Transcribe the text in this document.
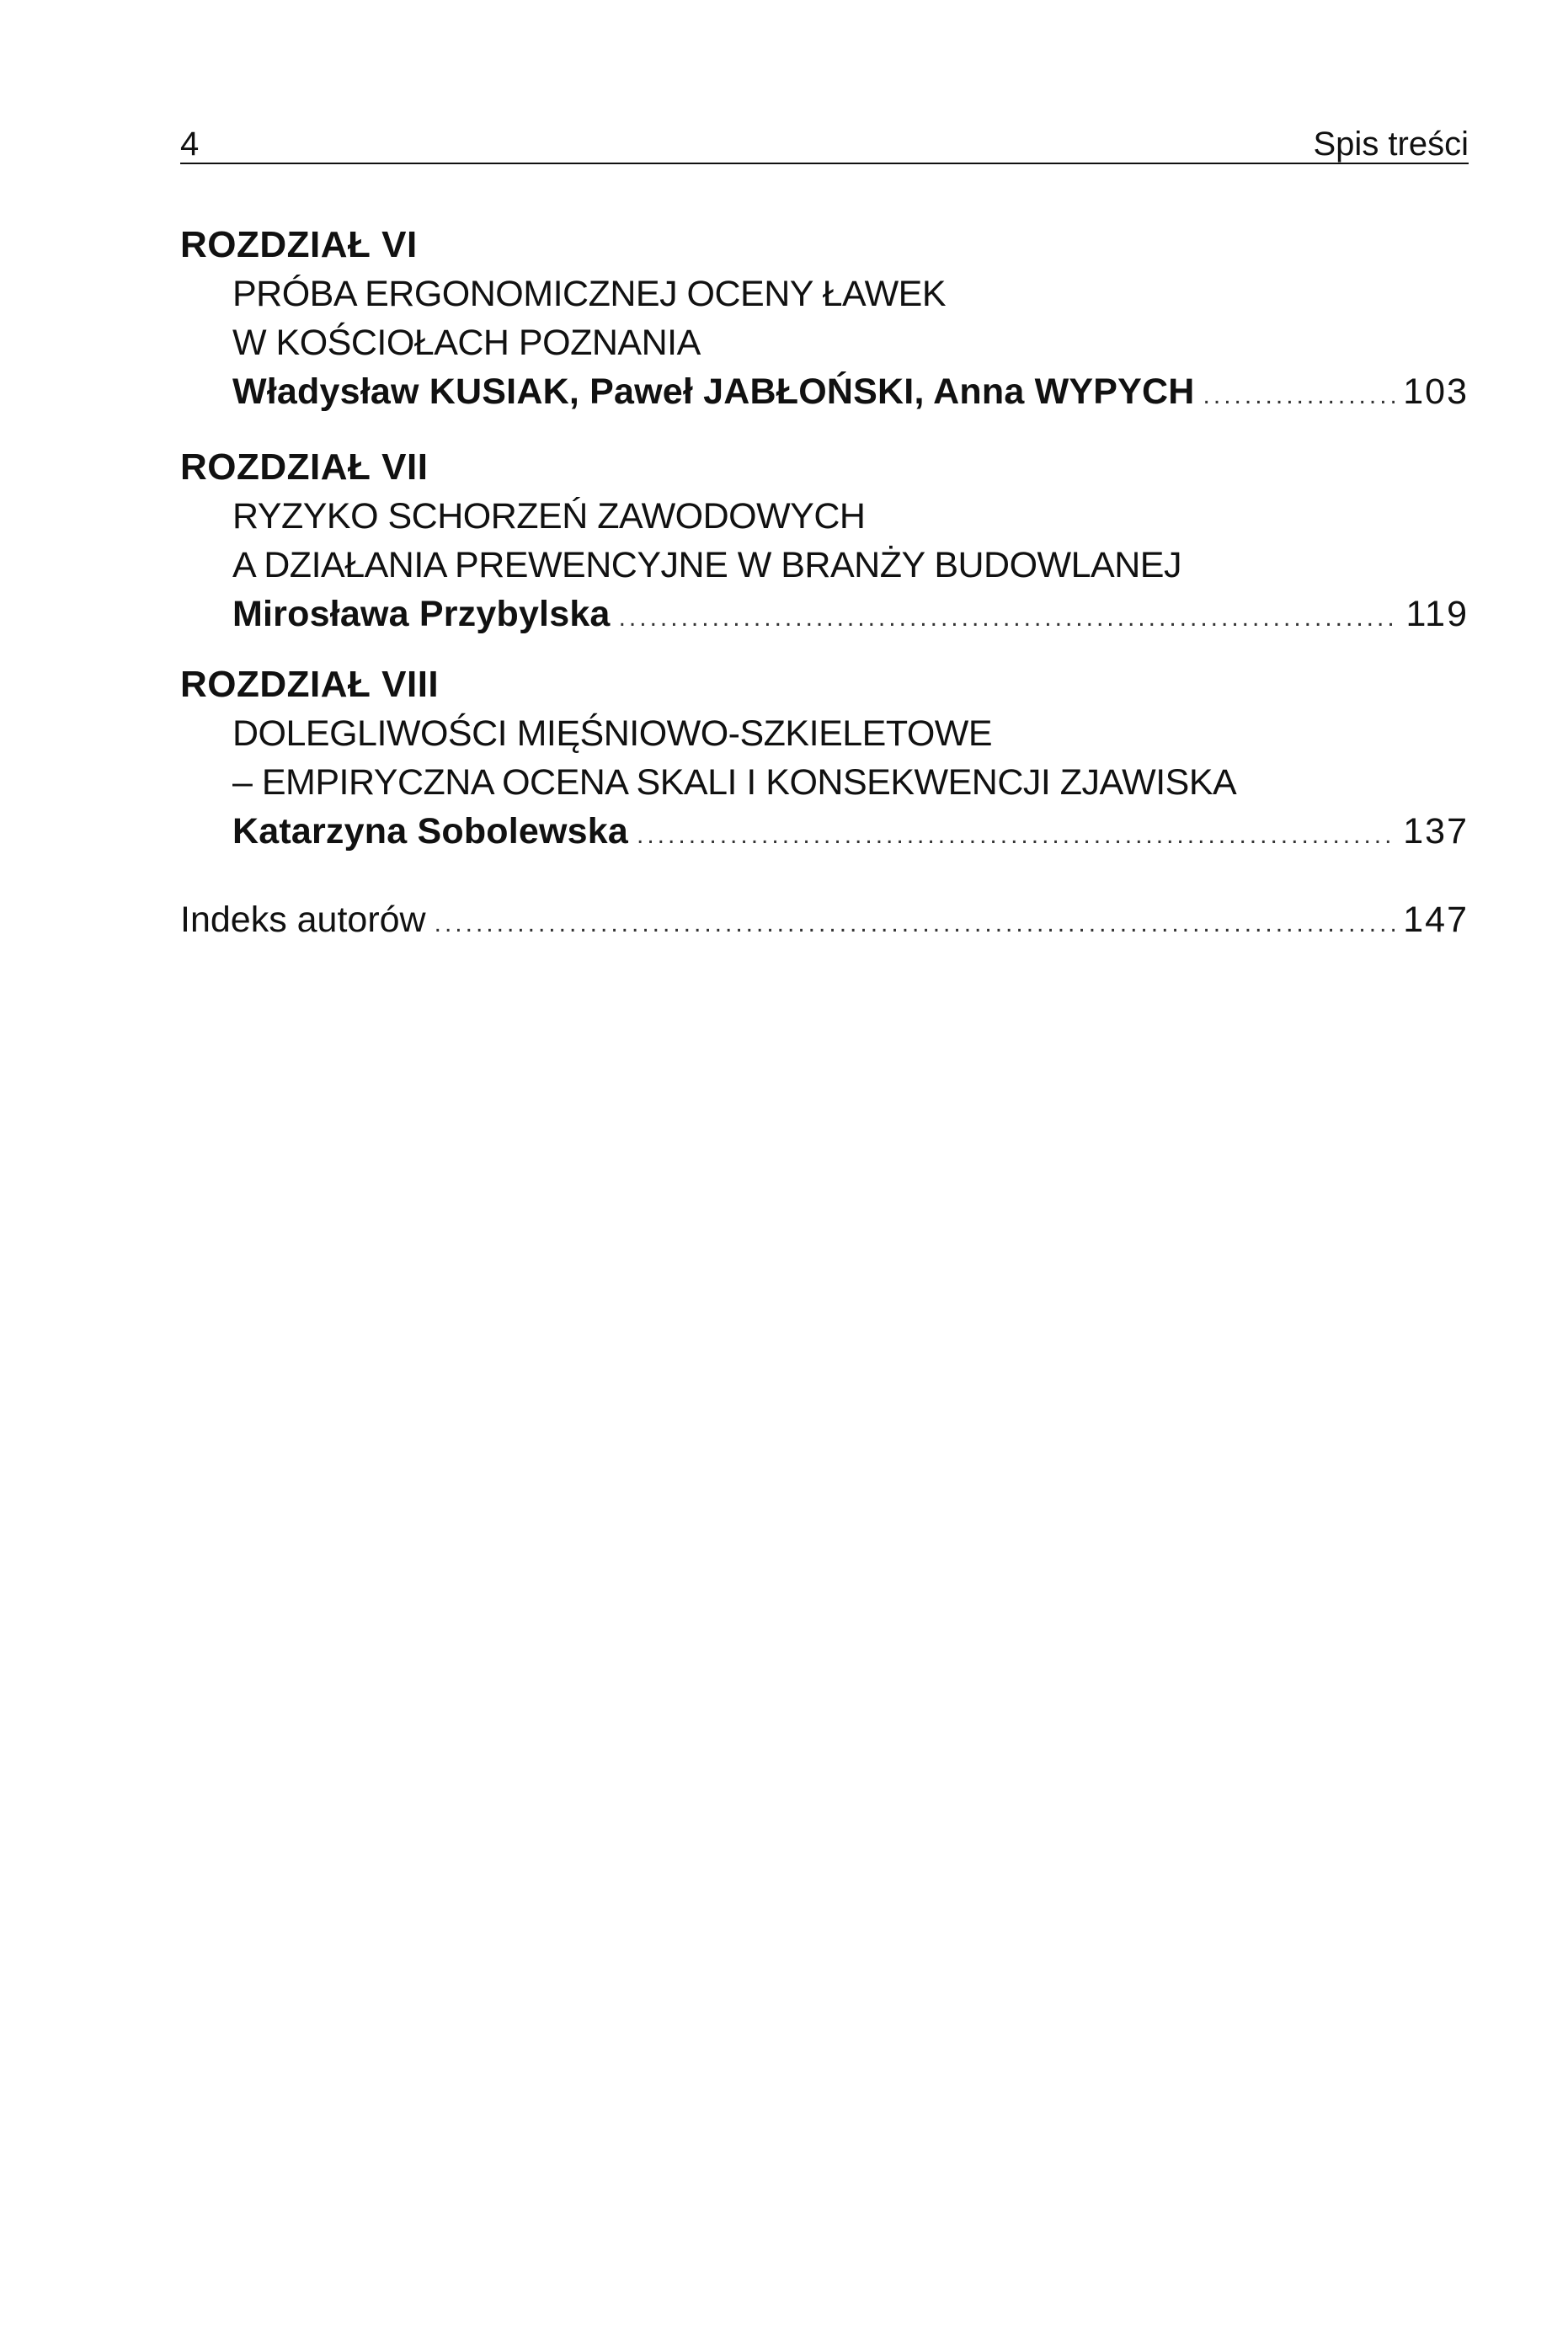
4	Spis treści
ROZDZIAŁ VI
PRÓBA ERGONOMICZNEJ OCENY ŁAWEK
W KOŚCIOŁACH POZNANIA
Władysław KUSIAK, Paweł JABŁOŃSKI, Anna WYPYCH .....	103
ROZDZIAŁ VII
RYZYKO SCHORZEŃ ZAWODOWYCH
A DZIAŁANIA PREWENCYJNE W BRANŻY BUDOWLANEJ
Mirosława Przybylska .....	119
ROZDZIAŁ VIII
DOLEGLIWOŚCI MIĘŚNIOWO-SZKIELETOWE
– EMPIRYCZNA OCENA SKALI I KONSEKWENCJI ZJAWISKA
Katarzyna Sobolewska .....	137
Indeks autorów .....	147
